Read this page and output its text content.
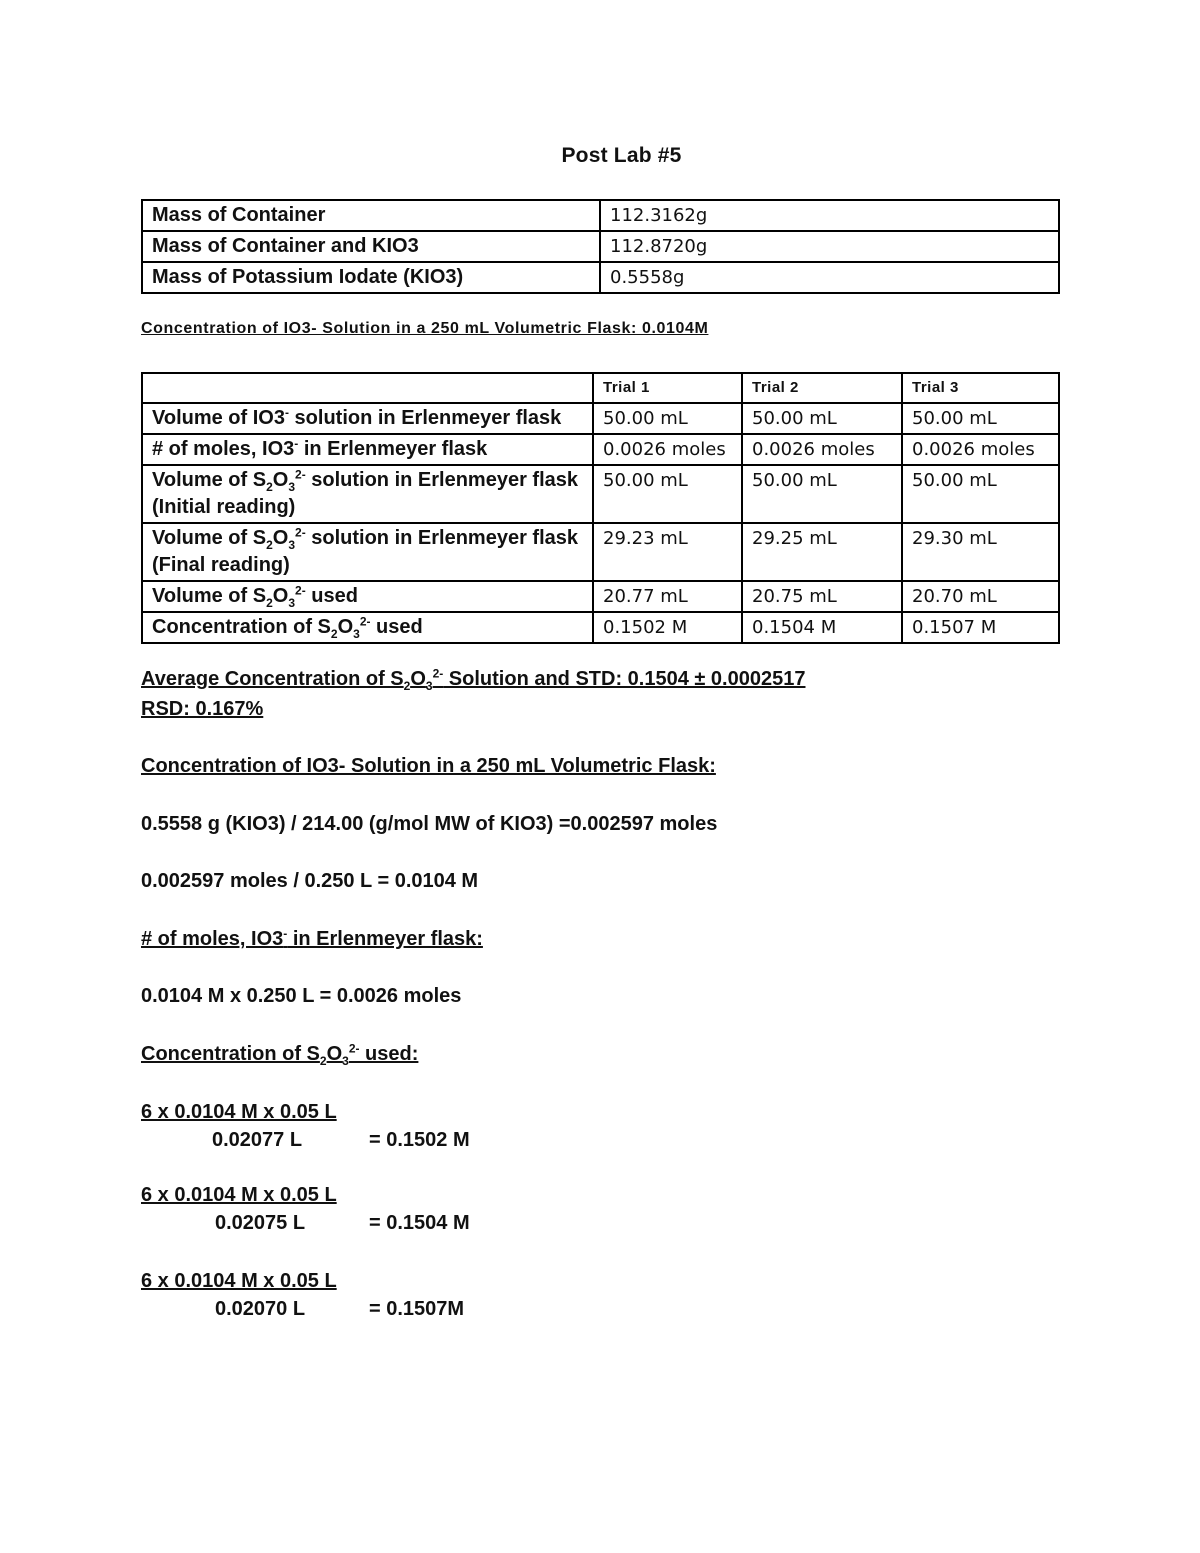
Post Lab #5
Mass of Container	112.3162g
Mass of Container and KIO3	112.8720g
Mass of Potassium Iodate (KIO3)	0.5558g
Concentration of IO3- Solution in a 250 mL Volumetric Flask: 0.0104M
	Trial 1	Trial 2	Trial 3
Volume of IO3- solution in Erlenmeyer flask	50.00 mL	50.00 mL	50.00 mL
# of moles, IO3- in Erlenmeyer flask	0.0026 moles	0.0026 moles	0.0026 moles
Volume of $S_2O_3^{2-}$ solution in Erlenmeyer flask (Initial reading)	50.00 mL	50.00 mL	50.00 mL
Volume of $S_2O_3^{2-}$ solution in Erlenmeyer flask   (Final reading)	29.23 mL	29.25 mL	29.30 mL
Volume of $S_2O_3^{2-}$ used	20.77 mL	20.75 mL	20.70 mL
Concentration of $S_2O_3^{2-}$ used	0.1502 M	0.1504 M	0.1507 M
Average Concentration of $S_2O_3^{2-}$ Solution and STD: 0.1504 ± 0.0002517
RSD: 0.167%
Concentration of IO3- Solution in a 250 mL Volumetric Flask:
0.5558 g (KIO3) / 214.00 (g/mol MW of KIO3) =0.002597 moles
0.002597 moles / 0.250 L = 0.0104 M
# of moles, IO3- in Erlenmeyer flask:
0.0104 M x 0.250 L = 0.0026 moles
Concentration of $S_2O_3^{2-}$ used:
6 x 0.0104 M x 0.05 L
0.02077 L	= 0.1502 M
6 x 0.0104 M x 0.05 L
0.02075 L	= 0.1504 M
6 x 0.0104 M x 0.05 L
0.02070 L	= 0.1507M
